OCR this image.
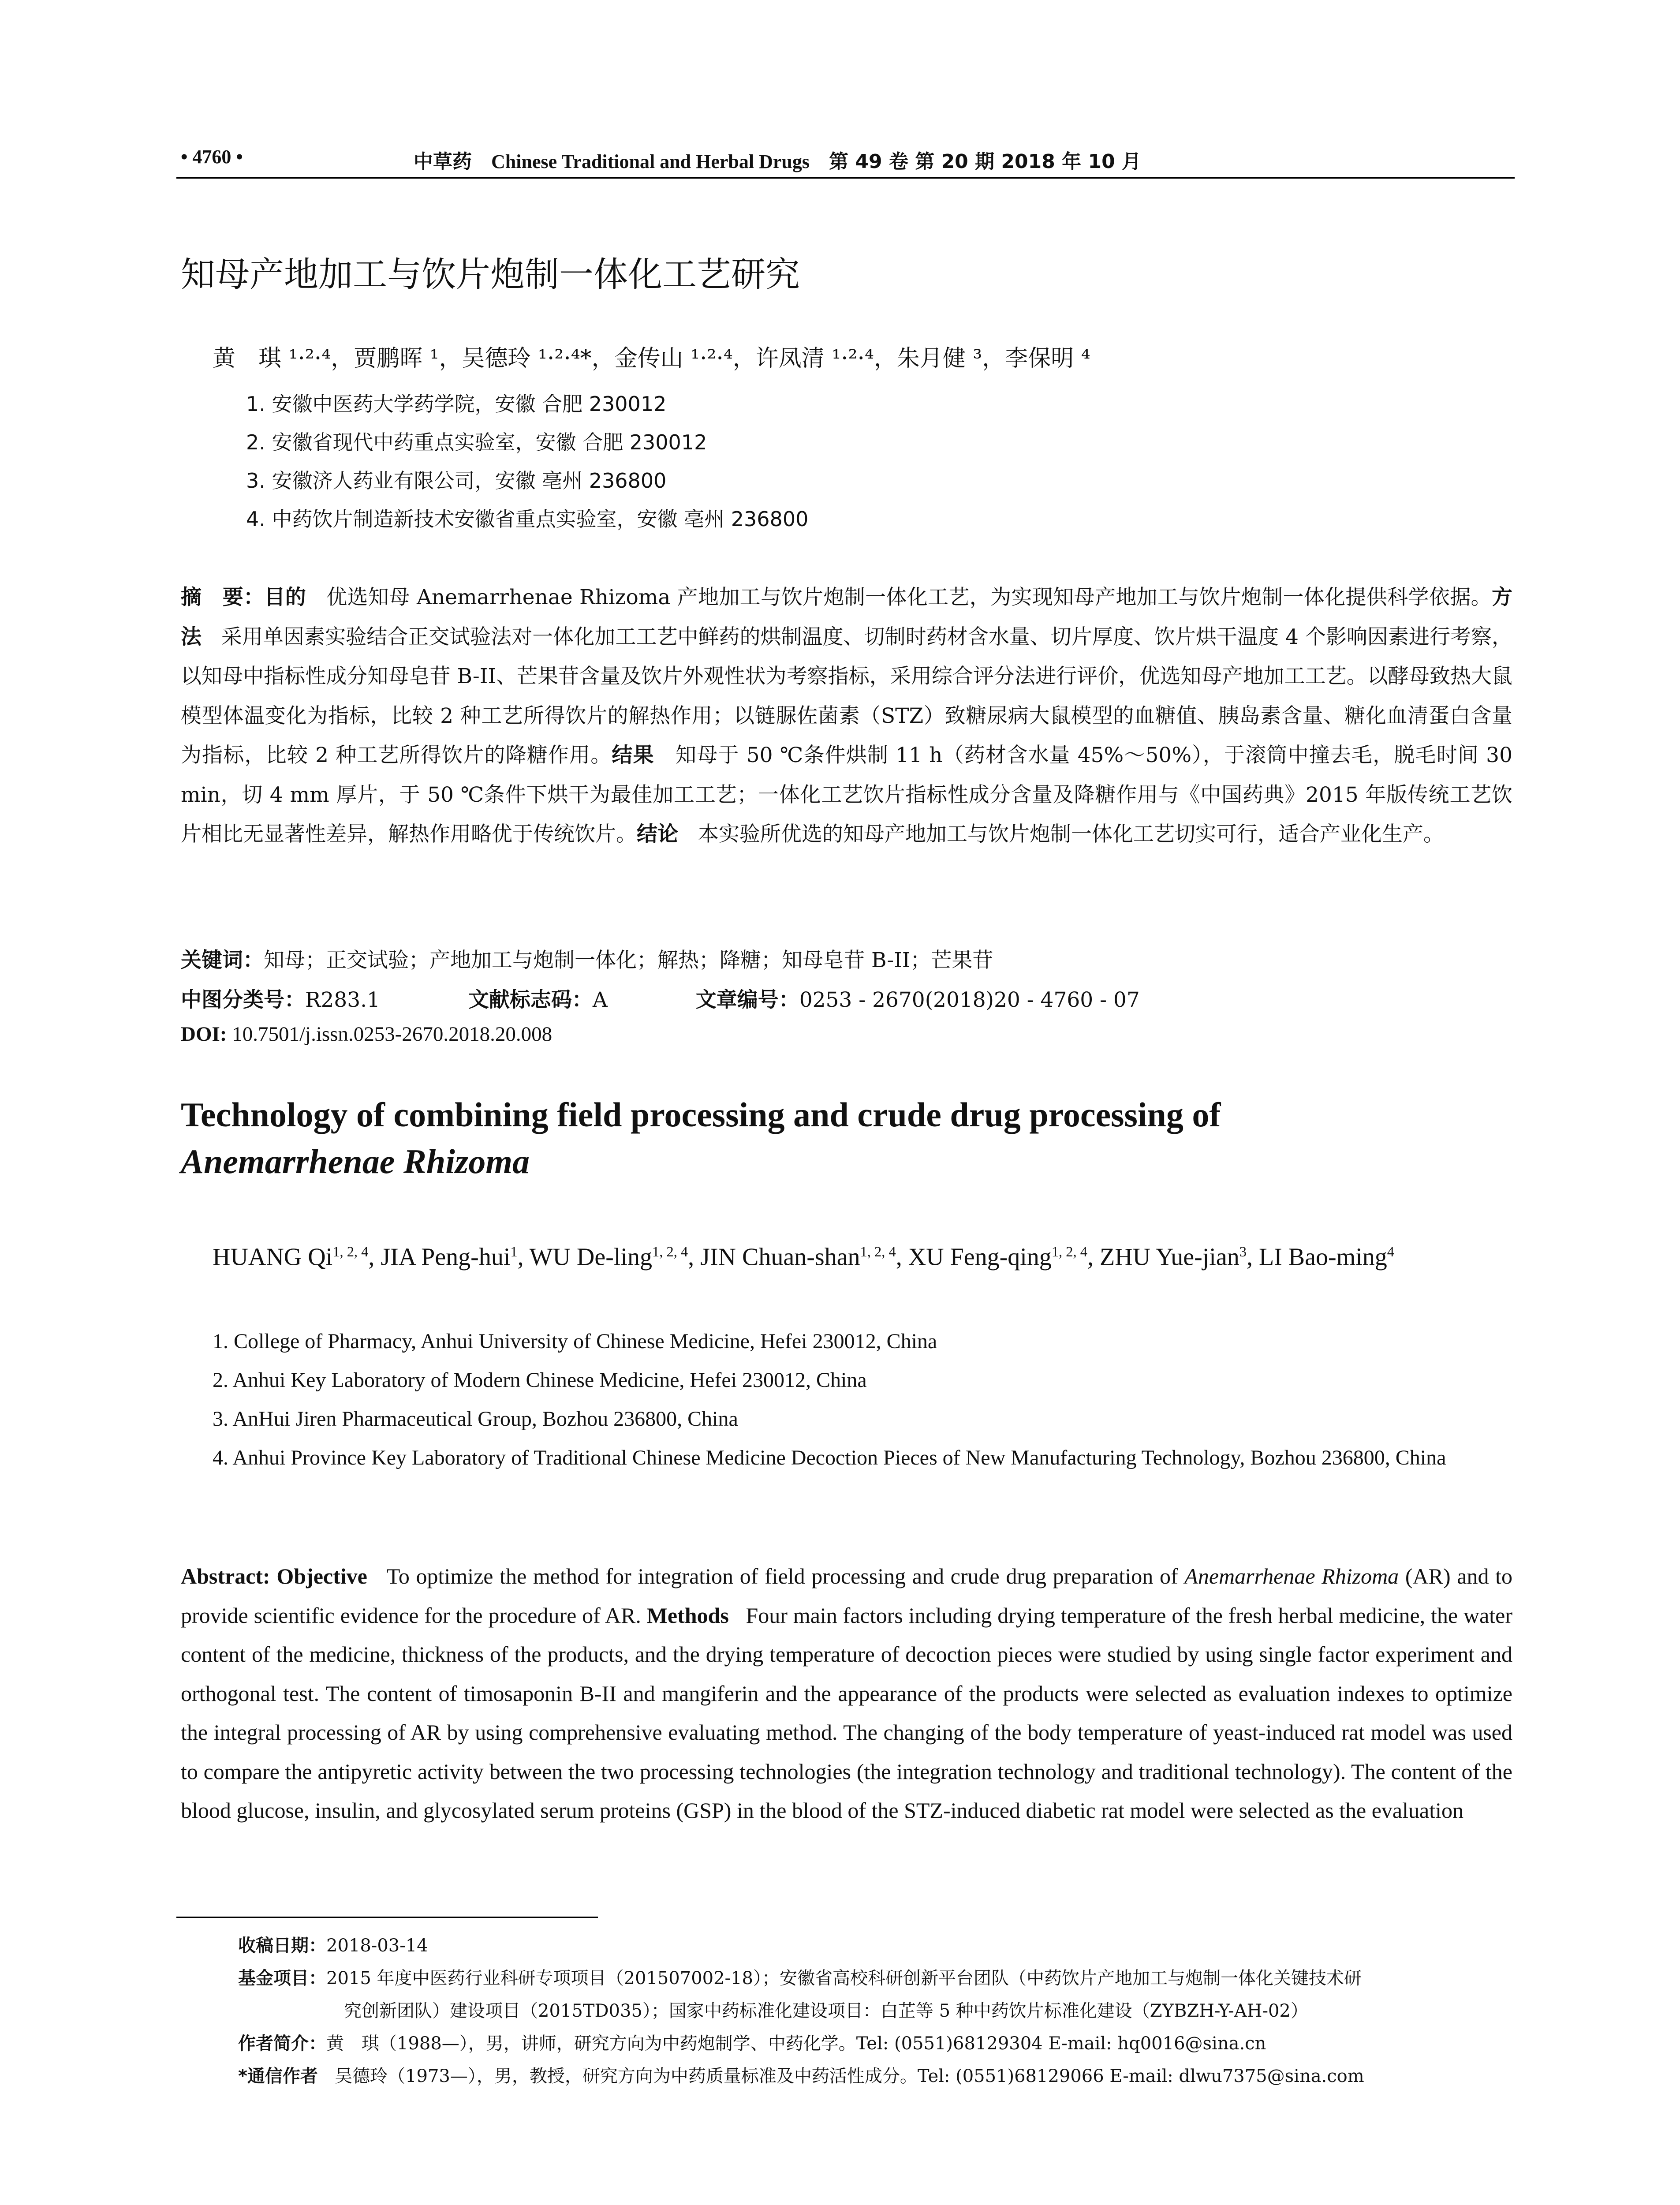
• 4760 •	中草药 Chinese Traditional and Herbal Drugs 第 49 卷 第 20 期 2018 年 10 月
知母产地加工与饮片炮制一体化工艺研究
黄　琪 ¹·²·⁴，贾鹏晖 ¹，吴德玲 ¹·²·⁴*，金传山 ¹·²·⁴，许凤清 ¹·²·⁴，朱月健 ³，李保明 ⁴
1. 安徽中医药大学药学院，安徽 合肥 230012
2. 安徽省现代中药重点实验室，安徽 合肥 230012
3. 安徽济人药业有限公司，安徽 亳州 236800
4. 中药饮片制造新技术安徽省重点实验室，安徽 亳州 236800
摘　要：目的 优选知母 Anemarrhenae Rhizoma 产地加工与饮片炮制一体化工艺，为实现知母产地加工与饮片炮制一体化提供科学依据。方法 采用单因素实验结合正交试验法对一体化加工工艺中鲜药的烘制温度、切制时药材含水量、切片厚度、饮片烘干温度 4 个影响因素进行考察，以知母中指标性成分知母皂苷 B-II、芒果苷含量及饮片外观性状为考察指标，采用综合评分法进行评价，优选知母产地加工工艺。以酵母致热大鼠模型体温变化为指标，比较 2 种工艺所得饮片的解热作用；以链脲佐菌素（STZ）致糖尿病大鼠模型的血糖值、胰岛素含量、糖化血清蛋白含量为指标，比较 2 种工艺所得饮片的降糖作用。结果 知母于 50 ℃条件烘制 11 h（药材含水量 45%～50%），于滚筒中撞去毛，脱毛时间 30 min，切 4 mm 厚片，于 50 ℃条件下烘干为最佳加工工艺；一体化工艺饮片指标性成分含量及降糖作用与《中国药典》2015 年版传统工艺饮片相比无显著性差异，解热作用略优于传统饮片。结论 本实验所优选的知母产地加工与饮片炮制一体化工艺切实可行，适合产业化生产。
关键词：知母；正交试验；产地加工与炮制一体化；解热；降糖；知母皂苷 B-II；芒果苷
中图分类号：R283.1	文献标志码：A	文章编号：0253 - 2670(2018)20 - 4760 - 07
DOI: 10.7501/j.issn.0253-2670.2018.20.008
Technology of combining field processing and crude drug processing of
Anemarrhenae Rhizoma
HUANG Qi$^{1, 2, 4}$, JIA Peng-hui$^1$, WU De-ling$^{1, 2, 4}$, JIN Chuan-shan$^{1, 2, 4}$, XU Feng-qing$^{1, 2, 4}$, ZHU Yue-jian$^3$, LI Bao-ming$^4$
1. College of Pharmacy, Anhui University of Chinese Medicine, Hefei 230012, China
2. Anhui Key Laboratory of Modern Chinese Medicine, Hefei 230012, China
3. AnHui Jiren Pharmaceutical Group, Bozhou 236800, China
4. Anhui Province Key Laboratory of Traditional Chinese Medicine Decoction Pieces of New Manufacturing Technology, Bozhou 236800, China
Abstract: Objective To optimize the method for integration of field processing and crude drug preparation of Anemarrhenae Rhizoma (AR) and to provide scientific evidence for the procedure of AR. Methods Four main factors including drying temperature of the fresh herbal medicine, the water content of the medicine, thickness of the products, and the drying temperature of decoction pieces were studied by using single factor experiment and orthogonal test. The content of timosaponin B-II and mangiferin and the appearance of the products were selected as evaluation indexes to optimize the integral processing of AR by using comprehensive evaluating method. The changing of the body temperature of yeast-induced rat model was used to compare the antipyretic activity between the two processing technologies (the integration technology and traditional technology). The content of the blood glucose, insulin, and glycosylated serum proteins (GSP) in the blood of the STZ-induced diabetic rat model were selected as the evaluation
收稿日期：2018-03-14
基金项目：2015 年度中医药行业科研专项项目（201507002-18）；安徽省高校科研创新平台团队（中药饮片产地加工与炮制一体化关键技术研
究创新团队）建设项目（2015TD035）；国家中药标准化建设项目：白芷等 5 种中药饮片标准化建设（ZYBZH-Y-AH-02）
作者简介：黄　琪（1988—），男，讲师，研究方向为中药炮制学、中药化学。Tel: (0551)68129304 E-mail: hq0016@sina.cn
*通信作者 吴德玲（1973—），男，教授，研究方向为中药质量标准及中药活性成分。Tel: (0551)68129066 E-mail: dlwu7375@sina.com
